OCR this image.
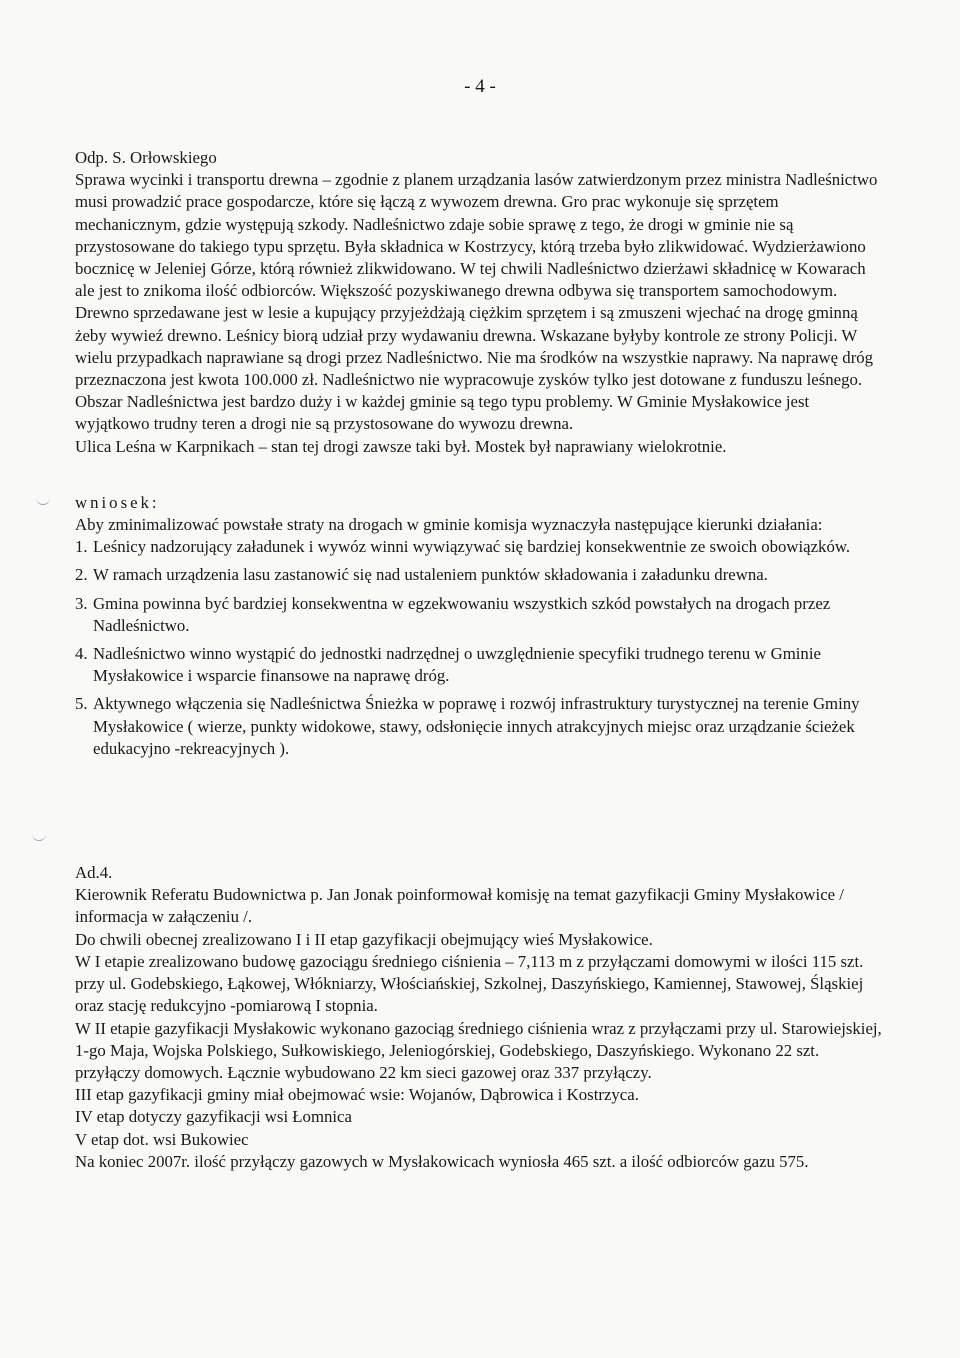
- 4 -

Odp. S. Orłowskiego

Sprawa wycinki i transportu drewna – zgodnie z planem urządzania lasów zatwierdzonym przez ministra Nadleśnictwo musi prowadzić prace gospodarcze, które się łączą z wywozem drewna. Gro prac wykonuje się sprzętem mechanicznym, gdzie występują szkody. Nadleśnictwo zdaje sobie sprawę z tego, że drogi w gminie nie są przystosowane do takiego typu sprzętu. Była składnica w Kostrzycy, którą trzeba było zlikwidować. Wydzierżawiono bocznicę w Jeleniej Górze, którą również zlikwidowano. W tej chwili Nadleśnictwo dzierżawi składnicę w Kowarach ale jest to znikoma ilość odbiorców. Większość pozyskiwanego drewna odbywa się transportem samochodowym. Drewno sprzedawane jest w lesie a kupujący przyjeżdżają ciężkim sprzętem i są zmuszeni wjechać na drogę gminną żeby wywieź drewno. Leśnicy biorą udział przy wydawaniu drewna. Wskazane byłyby kontrole ze strony Policji. W wielu przypadkach naprawiane są drogi przez Nadleśnictwo. Nie ma środków na wszystkie naprawy. Na naprawę dróg przeznaczona jest kwota 100.000 zł. Nadleśnictwo nie wypracowuje zysków tylko jest dotowane z funduszu leśnego. Obszar Nadleśnictwa jest bardzo duży i w każdej gminie są tego typu problemy. W Gminie Mysłakowice jest wyjątkowo trudny teren a drogi nie są przystosowane do wywozu drewna.

Ulica Leśna w Karpnikach – stan tej drogi zawsze taki był. Mostek był naprawiany wielokrotnie.

wniosek:

Aby zminimalizować powstałe straty na drogach w gminie komisja wyznaczyła następujące kierunki działania:

1. Leśnicy nadzorujący załadunek i wywóz winni wywiązywać się bardziej konsekwentnie ze swoich obowiązków.
2. W ramach urządzenia lasu zastanowić się nad ustaleniem punktów składowania i załadunku drewna.
3. Gmina powinna być bardziej konsekwentna w egzekwowaniu wszystkich szkód powstałych na drogach przez Nadleśnictwo.
4. Nadleśnictwo winno wystąpić do jednostki nadrzędnej o uwzględnienie specyfiki trudnego terenu w Gminie Mysłakowice i wsparcie finansowe na naprawę dróg.
5. Aktywnego włączenia się Nadleśnictwa Śnieżka w poprawę i rozwój infrastruktury turystycznej na terenie Gminy Mysłakowice ( wierze, punkty widokowe, stawy, odsłonięcie innych atrakcyjnych miejsc oraz urządzanie ścieżek edukacyjno -rekreacyjnych ).

Ad.4.

Kierownik Referatu Budownictwa p. Jan Jonak poinformował komisję na temat gazyfikacji Gminy Mysłakowice / informacja w załączeniu /.

Do chwili obecnej zrealizowano I i II etap gazyfikacji obejmujący wieś Mysłakowice.

W I etapie zrealizowano budowę gazociągu średniego ciśnienia – 7,113 m z przyłączami domowymi w ilości 115 szt. przy ul. Godebskiego, Łąkowej, Włókniarzy, Włościańskiej, Szkolnej, Daszyńskiego, Kamiennej, Stawowej, Śląskiej oraz stację redukcyjno -pomiarową I stopnia.

W II etapie gazyfikacji Mysłakowic wykonano gazociąg średniego ciśnienia wraz z przyłączami przy ul. Starowiejskiej, 1-go Maja, Wojska Polskiego, Sułkowiskiego, Jeleniogórskiej, Godebskiego, Daszyńskiego. Wykonano 22 szt. przyłączy domowych. Łącznie wybudowano 22 km sieci gazowej oraz 337 przyłączy.

III etap gazyfikacji gminy miał obejmować wsie: Wojanów, Dąbrowica i Kostrzyca.

IV etap dotyczy gazyfikacji wsi Łomnica

V etap dot. wsi Bukowiec

Na koniec 2007r. ilość przyłączy gazowych w Mysłakowicach wyniosła 465 szt. a ilość odbiorców gazu 575.
